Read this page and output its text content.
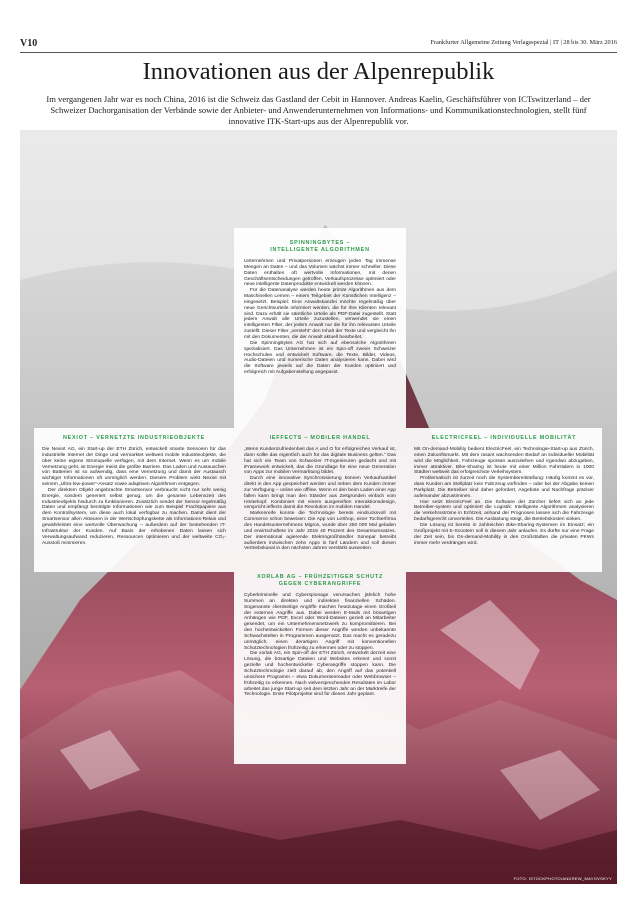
V10	Frankfurter Allgemeine Zeitung Verlagsspezial | IT | 28 bis 30. März 2016
Innovationen aus der Alpenrepublik

Im vergangenen Jahr war es noch China, 2016 ist die Schweiz das Gastland der Cebit in Hannover. Andreas Kaelin, Geschäftsführer von ICTswitzerland – der Schweizer Dachorganisation der Verbände sowie der Anbieter- und Anwenderunternehmen von Informations- und Kommunikationstechnologien, stellt fünf innovative ITK-Start-ups aus der Alpenrepublik vor.

FOTO: ISTOCKPHOTO/ANDREW_MAYOVSKYY
SPINNINGBYTES –
INTELLIGENTE ALGORITHMEN

Unternehmen und Privatpersonen erzeugen jeden Tag immense Mengen an Daten – und das Volumen wächst immer schneller. Diese Daten enthalten oft wertvolle Informationen, mit denen Geschäftsentscheidungen getroffen, Verkaufsprozesse optimiert oder neue intelligente Datenprodukte entwickelt werden können.

Für die Datenanalyse werden heute primär Algorithmen aus dem Maschinellen Lernen – einem Teilgebiet der Künstlichen Intelligenz – eingesetzt. Beispiel: Eine Anwaltskanzlei möchte regelmäßig über neue Gerichtsurteile informiert werden, die für ihre Klienten relevant sind. Dazu erhält sie sämtliche Urteile als PDF-Datei zugestellt. Statt jedem Anwalt alle Urteile zuzustellen, verwendet sie einen intelligenten Filter, der jedem Anwalt nur die für ihn relevanten Urteile zustellt. Dieser Filter „versteht“ den Inhalt der Texte und vergleicht ihn mit den Dokumenten, die der Anwalt aktuell bearbeitet.

Die SpinningBytes AG hat sich auf ebensolche Algorithmen spezialisiert. Das Unternehmen ist ein Spin-off zweier Schweizer Hochschulen und entwickelt Software, die Texte, Bilder, Videos, Audio-Dateien und numerische Daten analysieren kann. Dabei wird die Software jeweils auf die Daten der Kunden optimiert und erfolgreich mit Aufgabenstellung angepasst.

NEXIOT – VERNETZTE INDUSTRIEOBJEKTE

Die Nexiot AG, ein Start-up der ETH Zürich, entwickelt smarte Sensoren für das industrielle Internet der Dinge und vermarktet weltweit mobile Industrieobjekte, die über keine eigene Stromquelle verfügen, mit dem Internet. Wenn es um mobile Vernetzung geht, ist Energie meist die größte Barriere. Das Laden und Austauschen von Batterien ist so aufwendig, dass eine Vernetzung und damit der Austausch wichtiger Informationen oft unmöglich werden. Diesem Problem wirkt Nexiot mit seinem „Ultra-low-power“-Ansatz sowie adaptiven Algorithmen entgegen.

Der direktem Objekt angebrachte Smartsensor verbraucht nicht nur sehr wenig Energie, sondern generiert selbst genug, um die gesamte Lebenszeit des Industrieobjekts hindurch zu funktionieren. Zusätzlich sendet der Sensor regelmäßig Daten und empfängt benötigte Informationen wie zum Beispiel Frachtpapiere aus dem Kontrollsystem, um diese auch lokal verfügbar zu machen. Damit dient der Smartsensor allen Akteuren in der Wertschöpfungskette als Informations-Relais und gewährleistet eine wertvolle Überwachung – außerdem auf der bestehenden IT-Infrastruktur der Kunden. Auf Basis der erhobenen Daten lassen sich Verwaltungsaufwand reduzieren, Ressourcen optimieren und der weltweite CO₂-Ausstoß minimieren.

IEFFECTS – MOBILER HANDEL

„Wenn Kundenzufriedenheit das A und O für erfolgreichen Verkauf ist, dann sollte das eigentlich auch für das digitale Business gelten.“ Das hat sich ein Team von Schweizer IT-Ingenieuren gedacht und mit iFramework entwickelt, das die Grundlage für eine neue Generation von Apps zur mobilen Vermarktung bildet.

Durch eine innovative Synchronisierung können Verkaufsartikel direkt in den App gespeichert werden und neben dem Kunden immer zur Verfügung – online wie offline. Wenn er den beim Laden einer App fallen kann bringt man den Ständer aus Zeitgründen einfach vom Hinterkopf. Kombiniert mit einem ausgereiften Interaktionsdesign, verspricht ieffects damit die Revolution im mobilen Handel.

Markenreife konnte die Technologie bereits eindrucksvoll mit Commerce schon beweisen: Die App von LeShop, einer Tochterfirma des Handelsunternehmens Migros, wurde über 250 000 Mal geladen und erwirtschaftete im Jahr 2015 40 Prozent des Gesamtumsatzes. Der international agierende Elektrogroßhändler Sonepar betreibt außerdem inzwischen zehn Apps in fünf Ländern und soll diesen Vertriebskanal in den nächsten Jahren verstärkt ausweiten.

ELECTRICFEEL – INDIVIDUELLE MOBILITÄT

Mit On-demand-Mobility bedient ElectricFeel, ein Technologie-Start-up aus Zürich, einen Zukunftsmarkt. Mit dem rasant wachsenden Bedarf an individueller Mobilität wird die Möglichkeit, Fahrzeuge spontan auszuleihen und irgendwo abzugeben, immer attraktiver. Bike-Sharing ist heute mit einer Million Fahrrädern in 1000 Städten weltweit das erfolgreichste Verleihsystem.

Problematisch ist zurzeit noch die Systembereitstellung: Häufig kommt es vor, dass Kunden am Stellplatz kein Fahrzeug vorfinden – oder bei der Abgabe keinen Parkplatz. Die Betreiber sind daher gefordert, Angebote und Nachfrage präziser aufeinander abzustimmen.

Hier setzt ElectricFeel an. Die Software der Zürcher liefert sich an jede Betreiber-system und optimiert die Logistik: Intelligente Algorithmen analysieren die Verkehrsströme in Echtzeit, anhand der Prognosen lassen sich die Fahrzeuge bedarfsgerecht umverteilen. Die Auslastung steigt, die Betriebskosten sinken.

Die Lösung ist bereits in zahlreichen Bike-Sharing-Systemen im Einsatz; ein Großprojekt mit E-Scootern soll in diesem Jahr anlaufen. Es dürfte nur eine Frage der Zeit sein, bis On-demand-Mobility in den Großstädten die privaten PKWs immer mehr verdrängen wird.

XORLAB AG – FRÜHZEITIGER SCHUTZ
GEGEN CYBERANGRIFFE

Cyberkriminelle und Cyberspionage verursachen jährlich hohe Summen an direkten und indirekten finanziellen Schäden. Sogenannte clientseitige Angriffe machen heutzutage einen Großteil der externen Angriffe aus. Dabei werden E-Mails mit bösartigen Anhängen wie PDF, Excel oder Word-Dateien gezielt an Mitarbeiter gesendet, um ein Unternehmensnetzwerk zu kompromittieren. Bei den hochentwickelten Formen dieser Angriffe werden unbekannte Schwachstellen in Programmen ausgenutzt. Das macht es geradezu unmöglich, einen derartigen Angriff mit konventionellen Schutztechnologien frühzeitig zu erkennen oder zu stoppen.

Die xorlab AG, ein Spin-off der ETH Zürich, entwickelt derzeit eine Lösung, die bösartige Dateien und Websites erkennt und somit gezielte und hochentwickelte Cyberangriffe stoppen kann. Die Schutztechnologie zielt darauf ab, den Angriff auf das potentiell unsichere Programm – etwa Dokumentenreader oder Webbrowser – frühzeitig zu erkennen. Nach vielversprechenden Resultaten im Labor arbeitet das junge Start-up seit dem letzten Jahr an der Marktreife der Technologie. Erste Pilotprojekte sind für dieses Jahr geplant.
